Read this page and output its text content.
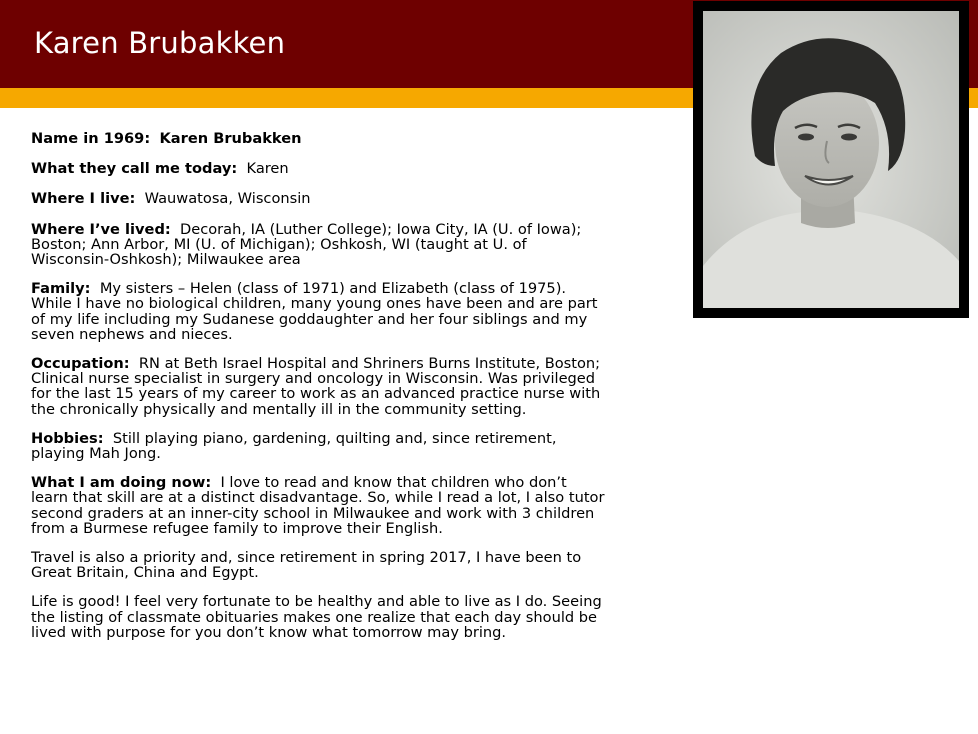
Karen Brubakken

Name in 1969: Karen Brubakken

What they call me today: Karen

Where I live: Wauwatosa, Wisconsin

Where I’ve lived: Decorah, IA (Luther College); Iowa City, IA (U. of Iowa); Boston; Ann Arbor, MI (U. of Michigan); Oshkosh, WI (taught at U. of Wisconsin-Oshkosh); Milwaukee area

Family: My sisters – Helen (class of 1971) and Elizabeth (class of 1975). While I have no biological children, many young ones have been and are part of my life including my Sudanese goddaughter and her four siblings and my seven nephews and nieces.

Occupation: RN at Beth Israel Hospital and Shriners Burns Institute, Boston; Clinical nurse specialist in surgery and oncology in Wisconsin. Was privileged for the last 15 years of my career to work as an advanced practice nurse with the chronically physically and mentally ill in the community setting.

Hobbies: Still playing piano, gardening, quilting and, since retirement, playing Mah Jong.

What I am doing now: I love to read and know that children who don’t learn that skill are at a distinct disadvantage. So, while I read a lot, I also tutor second graders at an inner-city school in Milwaukee and work with 3 children from a Burmese refugee family to improve their English.

Travel is also a priority and, since retirement in spring 2017, I have been to Great Britain, China and Egypt.

Life is good! I feel very fortunate to be healthy and able to live as I do. Seeing the listing of classmate obituaries makes one realize that each day should be lived with purpose for you don’t know what tomorrow may bring.
